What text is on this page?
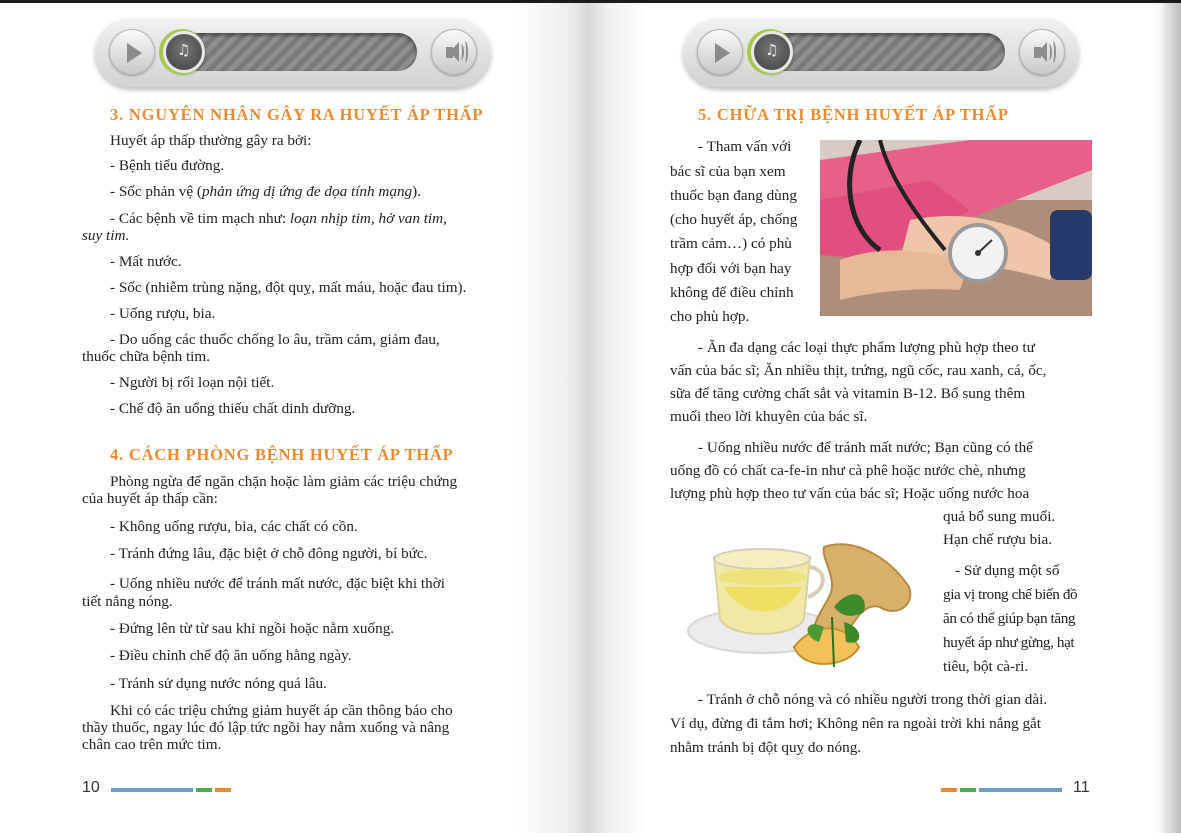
♫
3. NGUYÊN NHÂN GÂY RA HUYẾT ÁP THẤP
Huyết áp thấp thường gây ra bởi:
- Bệnh tiểu đường.
- Sốc phản vệ (phản ứng dị ứng đe dọa tính mạng).
- Các bệnh về tim mạch như: loạn nhịp tim, hở van tim,
suy tim.
- Mất nước.
- Sốc (nhiễm trùng nặng, đột quỵ, mất máu, hoặc đau tim).
- Uống rượu, bia.
- Do uống các thuốc chống lo âu, trầm cảm, giảm đau,
thuốc chữa bệnh tim.
- Người bị rối loạn nội tiết.
- Chế độ ăn uống thiếu chất dinh dưỡng.
4. CÁCH PHÒNG BỆNH HUYẾT ÁP THẤP
Phòng ngừa để ngăn chặn hoặc làm giảm các triệu chứng
của huyết áp thấp cần:
- Không uống rượu, bia, các chất có cồn.
- Tránh đứng lâu, đặc biệt ở chỗ đông người, bí bức.
- Uống nhiều nước để tránh mất nước, đặc biệt khi thời
tiết nắng nóng.
- Đứng lên từ từ sau khi ngồi hoặc nằm xuống.
- Điều chỉnh chế độ ăn uống hằng ngày.
- Tránh sử dụng nước nóng quá lâu.
Khi có các triệu chứng giảm huyết áp cần thông báo cho
thầy thuốc, ngay lúc đó lập tức ngồi hay nằm xuống và nâng
chân cao trên mức tim.
10
♫
5. CHỮA TRỊ BỆNH HUYẾT ÁP THẤP
- Tham vấn với
bác sĩ của bạn xem
thuốc bạn đang dùng
(cho huyết áp, chống
trầm cảm…) có phù
hợp đối với bạn hay
không để điều chỉnh
cho phù hợp.
- Ăn đa dạng các loại thực phẩm lượng phù hợp theo tư
vấn của bác sĩ; Ăn nhiều thịt, trứng, ngũ cốc, rau xanh, cá, ốc,
sữa để tăng cường chất sắt và vitamin B-12. Bổ sung thêm
muối theo lời khuyên của bác sĩ.
- Uống nhiều nước để tránh mất nước; Bạn cũng có thể
uống đồ có chất ca-fe-in như cà phê hoặc nước chè, nhưng
lượng phù hợp theo tư vấn của bác sĩ; Hoặc uống nước hoa
quả bổ sung muối.
Hạn chế rượu bia.
- Sử dụng một số
gia vị trong chế biến đồ
ăn có thể giúp bạn tăng
huyết áp như gừng, hạt
tiêu, bột cà-ri.
- Tránh ở chỗ nóng và có nhiều người trong thời gian dài.
Ví dụ, đừng đi tắm hơi; Không nên ra ngoài trời khi nắng gắt
nhằm tránh bị đột quỵ do nóng.
11
